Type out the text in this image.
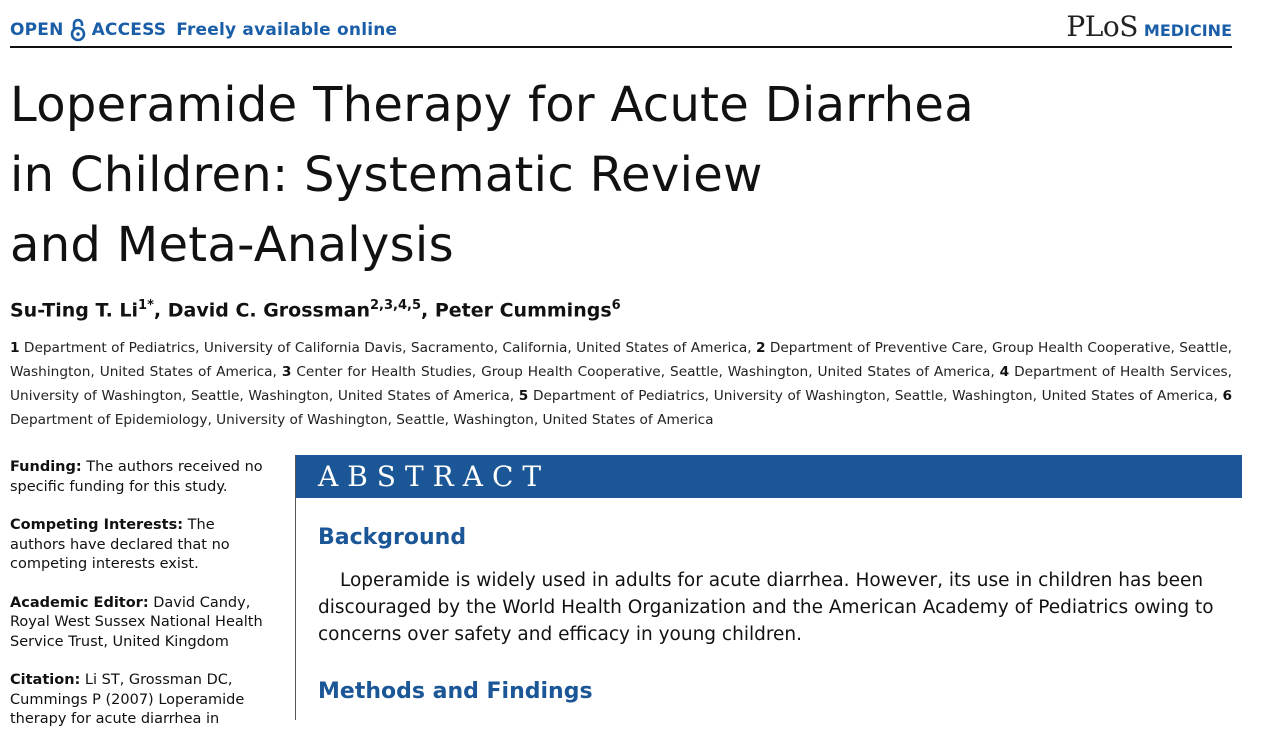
OPEN ACCESS Freely available online	PLoS MEDICINE
Loperamide Therapy for Acute Diarrhea
in Children: Systematic Review
and Meta-Analysis
Su-Ting T. $Li^{1*}$, David C. Grossman$^{2,3,4,5}$, Peter Cummings$^6$
1 Department of Pediatrics, University of California Davis, Sacramento, California, United States of America, 2 Department of Preventive Care, Group Health Cooperative, Seattle, Washington, United States of America, 3 Center for Health Studies, Group Health Cooperative, Seattle, Washington, United States of America, 4 Department of Health Services, University of Washington, Seattle, Washington, United States of America, 5 Department of Pediatrics, University of Washington, Seattle, Washington, United States of America, 6 Department of Epidemiology, University of Washington, Seattle, Washington, United States of America

Funding: The authors received no specific funding for this study.

Competing Interests: The authors have declared that no competing interests exist.

Academic Editor: David Candy, Royal West Sussex National Health Service Trust, United Kingdom

Citation: Li ST, Grossman DC, Cummings P (2007) Loperamide therapy for acute diarrhea in

ABSTRACT
Background

Loperamide is widely used in adults for acute diarrhea. However, its use in children has been discouraged by the World Health Organization and the American Academy of Pediatrics owing to concerns over safety and efficacy in young children.

Methods and Findings
